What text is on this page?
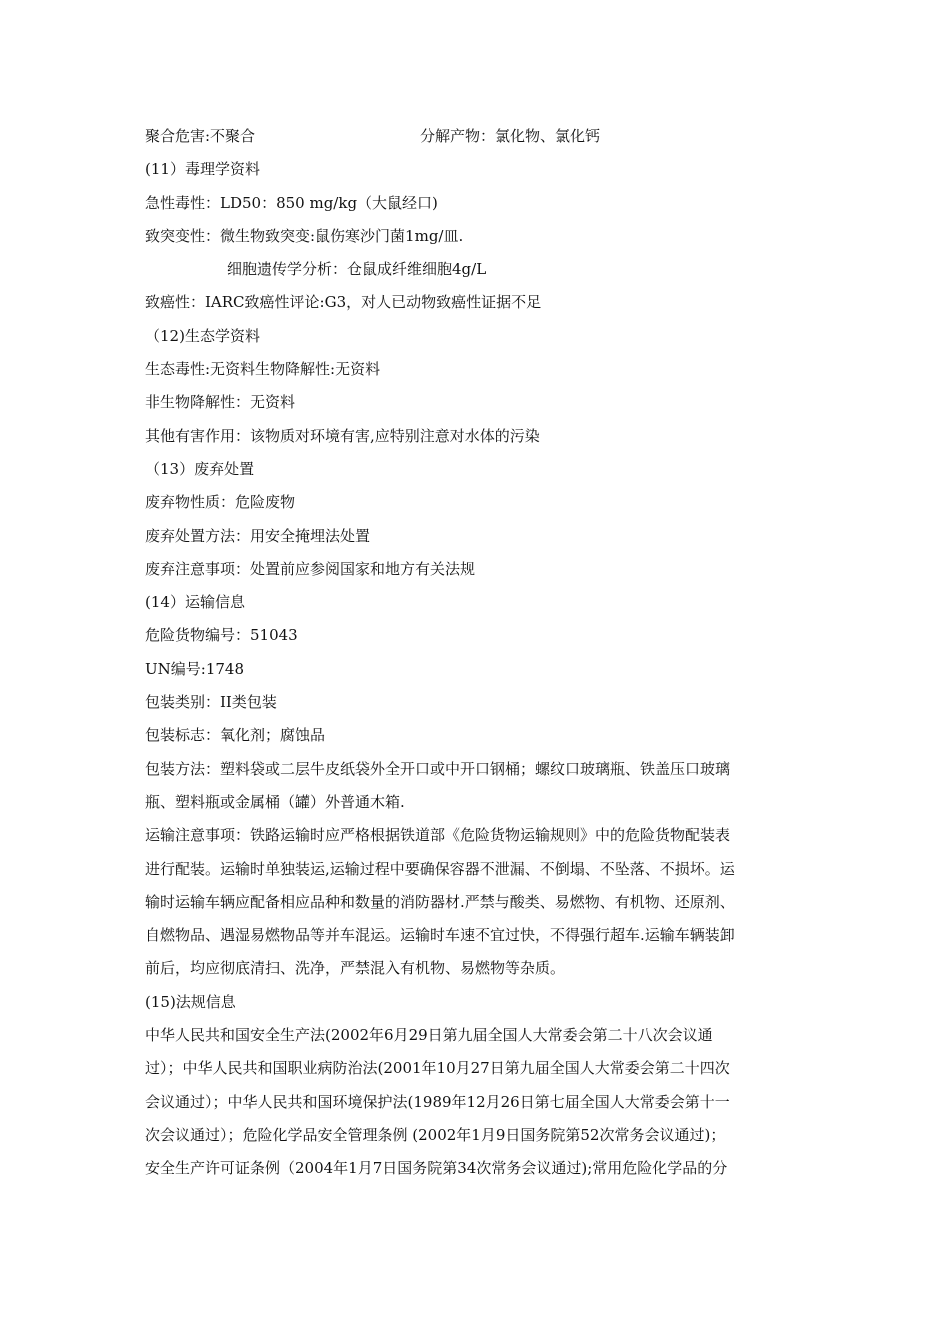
聚合危害:不聚合	分解产物：氯化物、氯化钙
(11）毒理学资料
急性毒性：LD50：850 mg/kg（大鼠经口)
致突变性：微生物致突变:鼠伤寒沙门菌1mg/皿.
细胞遗传学分析：仓鼠成纤维细胞4g/L
致癌性：IARC致癌性评论:G3，对人已动物致癌性证据不足
（12)生态学资料
生态毒性:无资料生物降解性:无资料
非生物降解性：无资料
其他有害作用：该物质对环境有害,应特别注意对水体的污染
（13）废弃处置
废弃物性质：危险废物
废弃处置方法：用安全掩埋法处置
废弃注意事项：处置前应参阅国家和地方有关法规
(14）运输信息
危险货物编号：51043
UN编号:1748
包装类别：II类包装
包装标志：氧化剂；腐蚀品
包装方法：塑料袋或二层牛皮纸袋外全开口或中开口钢桶；螺纹口玻璃瓶、铁盖压口玻璃
瓶、塑料瓶或金属桶（罐）外普通木箱.
运输注意事项：铁路运输时应严格根据铁道部《危险货物运输规则》中的危险货物配装表
进行配装。运输时单独装运,运输过程中要确保容器不泄漏、不倒塌、不坠落、不损坏。运
输时运输车辆应配备相应品种和数量的消防器材.严禁与酸类、易燃物、有机物、还原剂、
自燃物品、遇湿易燃物品等并车混运。运输时车速不宜过快，不得强行超车.运输车辆装卸
前后，均应彻底清扫、洗净，严禁混入有机物、易燃物等杂质。
(15)法规信息
中华人民共和国安全生产法(2002年6月29日第九届全国人大常委会第二十八次会议通
过）；中华人民共和国职业病防治法(2001年10月27日第九届全国人大常委会第二十四次
会议通过）；中华人民共和国环境保护法(1989年12月26日第七届全国人大常委会第十一
次会议通过）；危险化学品安全管理条例 (2002年1月9日国务院第52次常务会议通过)；
安全生产许可证条例（2004年1月7日国务院第34次常务会议通过);常用危险化学品的分
